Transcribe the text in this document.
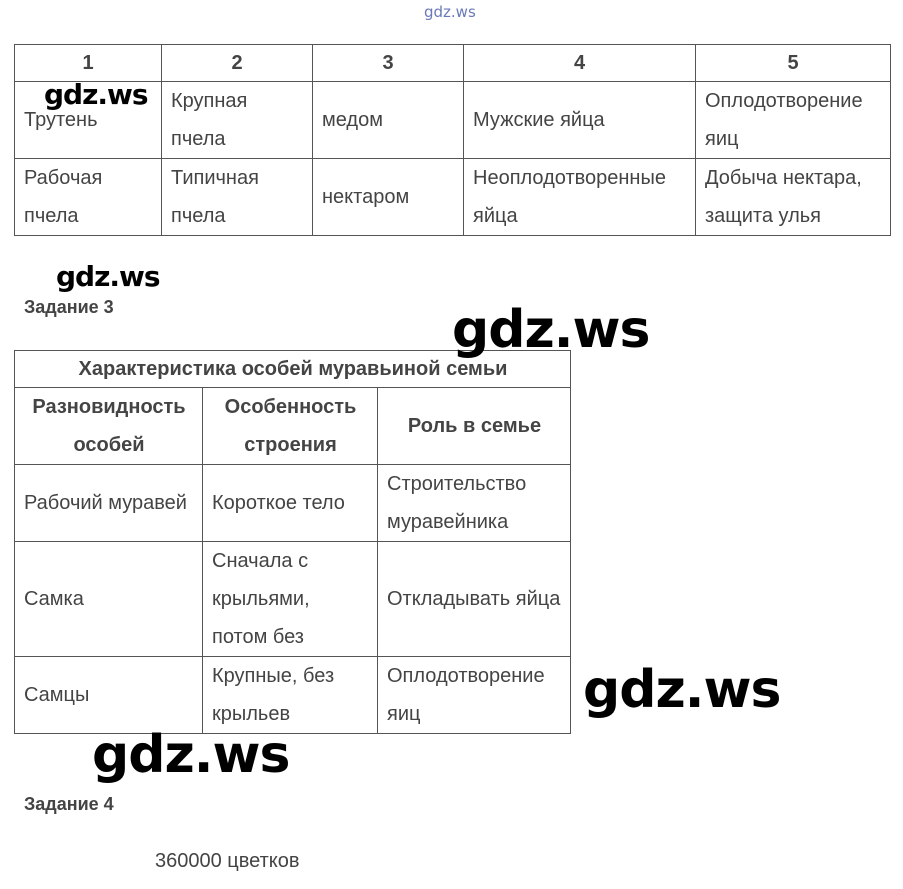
gdz.ws
1	2	3	4	5
Трутень	Крупная пчела	медом	Мужские яйца	Оплодотворение яиц
Рабочая пчела	Типичная пчела	нектаром	Неоплодотворенные яйца	Добыча нектара, защита улья
Задание 3
Характеристика особей муравьиной семьи		
Разновидность особей	Особенность строения	Роль в семье
Рабочий муравей	Короткое тело	Строительство муравейника
Самка	Сначала с крыльями, потом без	Откладывать яйца
Самцы	Крупные, без крыльев	Оплодотворение яиц
Задание 4
360000 цветков
gdz.ws
gdz.ws
gdz.ws
gdz.ws
gdz.ws
